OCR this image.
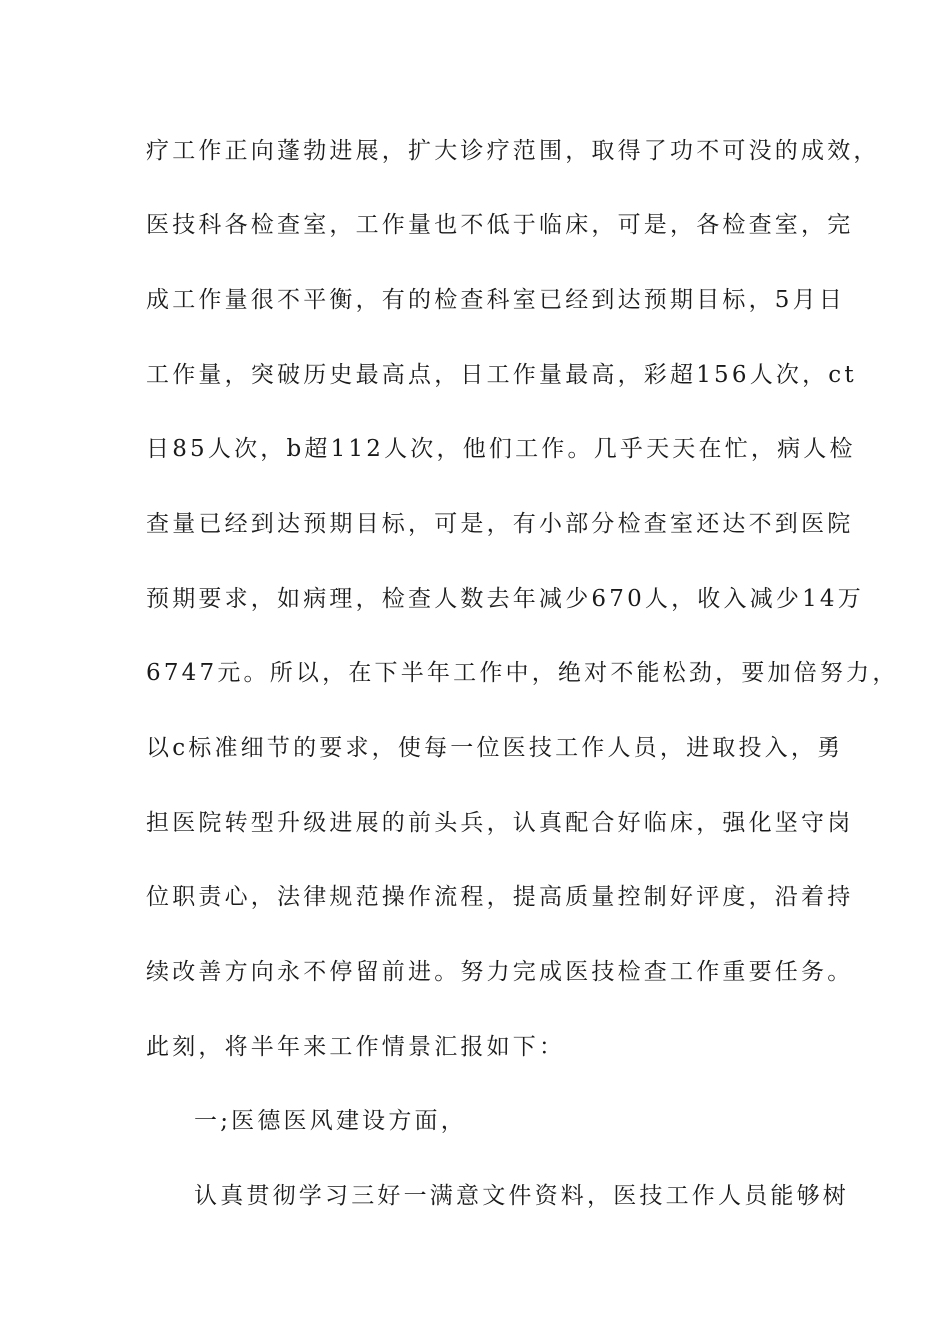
疗工作正向蓬勃进展，扩大诊疗范围，取得了功不可没的成效，
医技科各检查室，工作量也不低于临床，可是，各检查室，完
成工作量很不平衡，有的检查科室已经到达预期目标，5月日
工作量，突破历史最高点，日工作量最高，彩超156人次，ct
日85人次，b超112人次，他们工作。几乎天天在忙，病人检
查量已经到达预期目标，可是，有小部分检查室还达不到医院
预期要求，如病理，检查人数去年减少670人，收入减少14万
6747元。所以，在下半年工作中，绝对不能松劲，要加倍努力，
以c标准细节的要求，使每一位医技工作人员，进取投入，勇
担医院转型升级进展的前头兵，认真配合好临床，强化坚守岗
位职责心，法律规范操作流程，提高质量控制好评度，沿着持
续改善方向永不停留前进。努力完成医技检查工作重要任务。
此刻，将半年来工作情景汇报如下：
一;医德医风建设方面，
认真贯彻学习三好一满意文件资料，医技工作人员能够树
